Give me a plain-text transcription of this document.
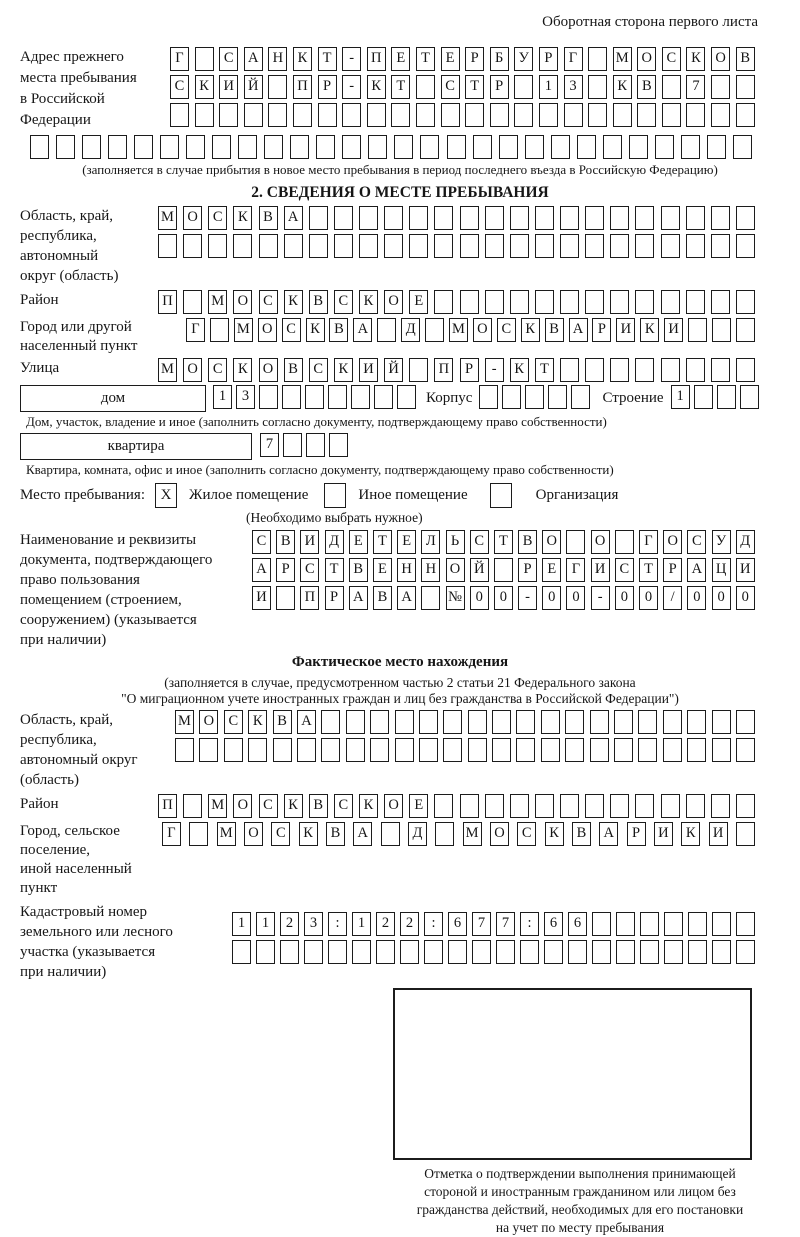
Оборотная сторона первого листа
Адрес прежнего
места пребывания
в Российской
Федерации
Г	С	А Н	К	Т	-	П	Е	Т	Е	Р	Б	У	Р	Г	М О	С	К	О	В
С	К	И Й	П	Р	-	К	Т	С	Т	Р	1	3	К	В	7
(заполняется в случае прибытия в новое место пребывания в период последнего въезда в Российскую Федерацию)
2. СВЕДЕНИЯ О МЕСТЕ ПРЕБЫВАНИЯ
Область, край,
республика,
автономный
округ (область)
М О	С	К	В	А
Район	П	М О	С	К	В	С	К	О	Е
Город или другой
населенный пункт
Г	М О С К В А	Д	М О С К В А	Р	И К И
Улица	М О	С	К	О	В	С	К	И Й	П	Р	-	К	Т
дом	1	3	Корпус	Строение 1
Дом, участок, владение и иное (заполнить согласно документу, подтверждающему право собственности)
квартира	7
Квартира, комната, офис и иное (заполнить согласно документу, подтверждающему право собственности)
Место пребывания:	X	Жилое помещение	Иное помещение	Организация
(Необходимо выбрать нужное)
Наименование и реквизиты
документа, подтверждающего
право пользования
помещением (строением,
сооружением) (указывается
при наличии)
С	В И Д	Е	Т	Е	Л	Ь	С	Т	В О	О	Г	О С У Д
А	Р	С	Т	В	Е	Н Н О Й	Р	Е	Г	И С	Т	Р	А Ц И
И	П	Р	А В А № 0	0	-	0	0	-	0	0	/	0	0	0
Фактическое место нахождения
(заполняется в случае, предусмотренном частью 2 статьи 21 Федерального закона
"О миграционном учете иностранных граждан и лиц без гражданства в Российской Федерации")
Область, край,
республика,
автономный округ
(область)
М О С	К	В А
Район	П	М О	С	К	В	С	К	О	Е
Город, сельское поселение,
иной населенный пункт
Г	М О	С	К	В	А	Д	М О	С	К	В	А	Р	И	К	И
Кадастровый номер
земельного или лесного
участка (указывается
при наличии)
1	1	2	3	:	1	2	2	:	6	7	7	:	6	6
Отметка о подтверждении выполнения принимающей
стороной и иностранным гражданином или лицом без
гражданства действий, необходимых для его постановки
на учет по месту пребывания
